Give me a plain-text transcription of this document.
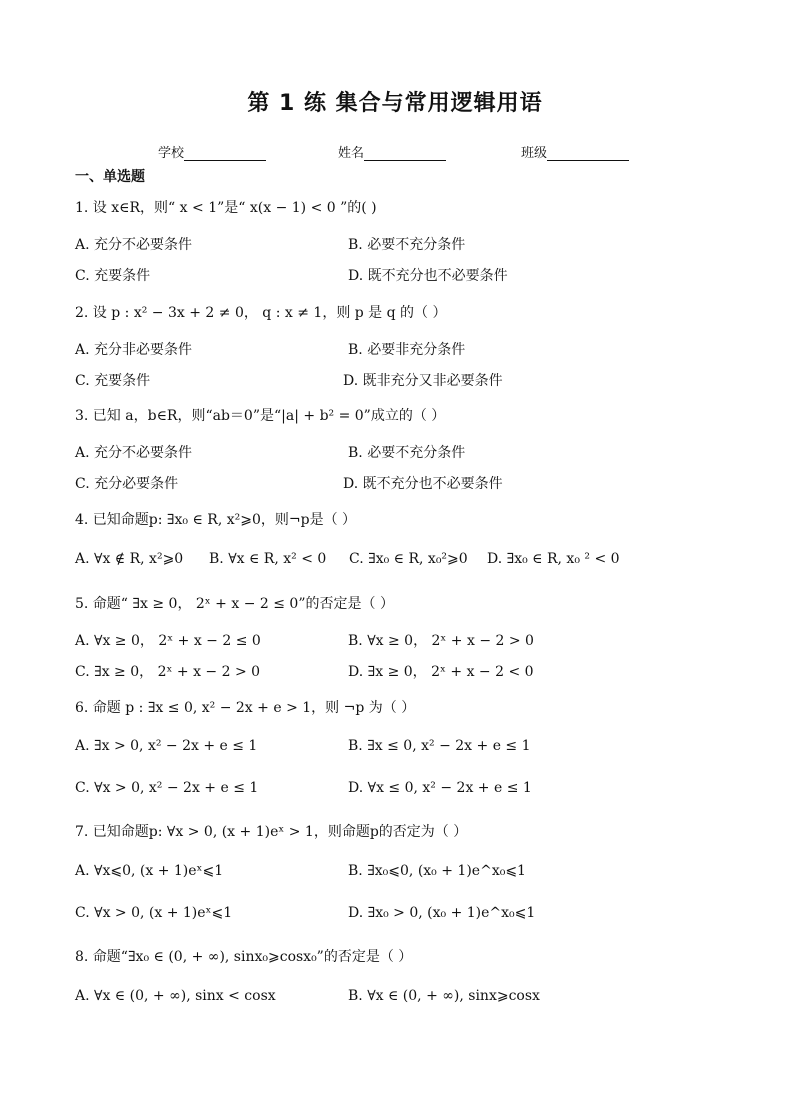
第 1 练 集合与常用逻辑用语
学校	姓名	班级
一、单选题
1. 设 x∈R，则“ x < 1”是“ x(x − 1) < 0 ”的( )
A. 充分不必要条件	B. 必要不充分条件
C. 充要条件	D. 既不充分也不必要条件
2. 设 p : x² − 3x + 2 ≠ 0， q : x ≠ 1，则 p 是 q 的（ ）
A. 充分非必要条件	B. 必要非充分条件
C. 充要条件	D. 既非充分又非必要条件
3. 已知 a，b∈R，则“ab＝0”是“|a| + b² = 0”成立的（ ）
A. 充分不必要条件	B. 必要不充分条件
C. 充分必要条件	D. 既不充分也不必要条件
4. 已知命题p: ∃x₀ ∈ R, x²⩾0，则¬p是（ ）
A. ∀x ∉ R, x²⩾0 B. ∀x ∈ R, x² < 0 C. ∃x₀ ∈ R, x₀²⩾0 D. ∃x₀ ∈ R, x₀ ² < 0
5. 命题“ ∃x ≥ 0， 2ˣ + x − 2 ≤ 0”的否定是（ ）
A. ∀x ≥ 0， 2ˣ + x − 2 ≤ 0	B. ∀x ≥ 0， 2ˣ + x − 2 > 0
C. ∃x ≥ 0， 2ˣ + x − 2 > 0	D. ∃x ≥ 0， 2ˣ + x − 2 < 0
6. 命题 p : ∃x ≤ 0, x² − 2x + e > 1，则 ¬p 为（ ）
A. ∃x > 0, x² − 2x + e ≤ 1	B. ∃x ≤ 0, x² − 2x + e ≤ 1
C. ∀x > 0, x² − 2x + e ≤ 1	D. ∀x ≤ 0, x² − 2x + e ≤ 1
7. 已知命题p: ∀x > 0, (x + 1)eˣ > 1，则命题p的否定为（ ）
A. ∀x⩽0, (x + 1)eˣ⩽1	B. ∃x₀⩽0, (x₀ + 1)e^x₀⩽1
C. ∀x > 0, (x + 1)eˣ⩽1	D. ∃x₀ > 0, (x₀ + 1)e^x₀⩽1
8. 命题“∃x₀ ∈ (0, + ∞), sinx₀⩾cosx₀”的否定是（ ）
A. ∀x ∈ (0, + ∞), sinx < cosx	B. ∀x ∈ (0, + ∞), sinx⩾cosx
